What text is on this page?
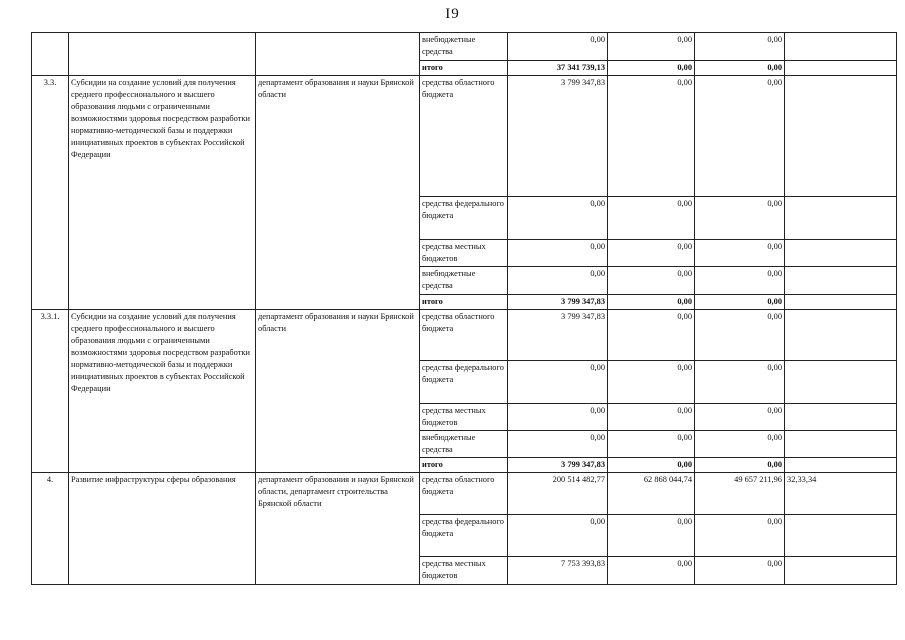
I9
			внебюджетные средства	0,00	0,00	0,00	
			итого	37 341 739,13	0,00	0,00	
3.3.	Субсидии на создание условий для получения среднего профессионального и высшего образования людьми с ограниченными возможностями здоровья посредством разработки нормативно-методической базы и поддержки инициативных проектов в субъектах Российской Федерации	департамент образования и науки Брянской области	средства областного бюджета	3 799 347,83	0,00	0,00	
			средства федерального бюджета	0,00	0,00	0,00	
			средства местных бюджетов	0,00	0,00	0,00	
			внебюджетные средства	0,00	0,00	0,00	
			итого	3 799 347,83	0,00	0,00	
3.3.1.	Субсидии на создание условий для получения среднего профессионального и высшего образования людьми с ограниченными возможностями здоровья посредством разработки нормативно-методической базы и поддержки инициативных проектов в субъектах Российской Федерации	департамент образования и науки Брянской области	средства областного бюджета	3 799 347,83	0,00	0,00	
			средства федерального бюджета	0,00	0,00	0,00	
			средства местных бюджетов	0,00	0,00	0,00	
			внебюджетные средства	0,00	0,00	0,00	
			итого	3 799 347,83	0,00	0,00	
4.	Развитие инфраструктуры сферы образования	департамент образования и науки Брянской области, департамент строительства Брянской области	средства областного бюджета	200 514 482,77	62 868 044,74	49 657 211,96	32,33,34
			средства федерального бюджета	0,00	0,00	0,00	
			средства местных бюджетов	7 753 393,83	0,00	0,00	
